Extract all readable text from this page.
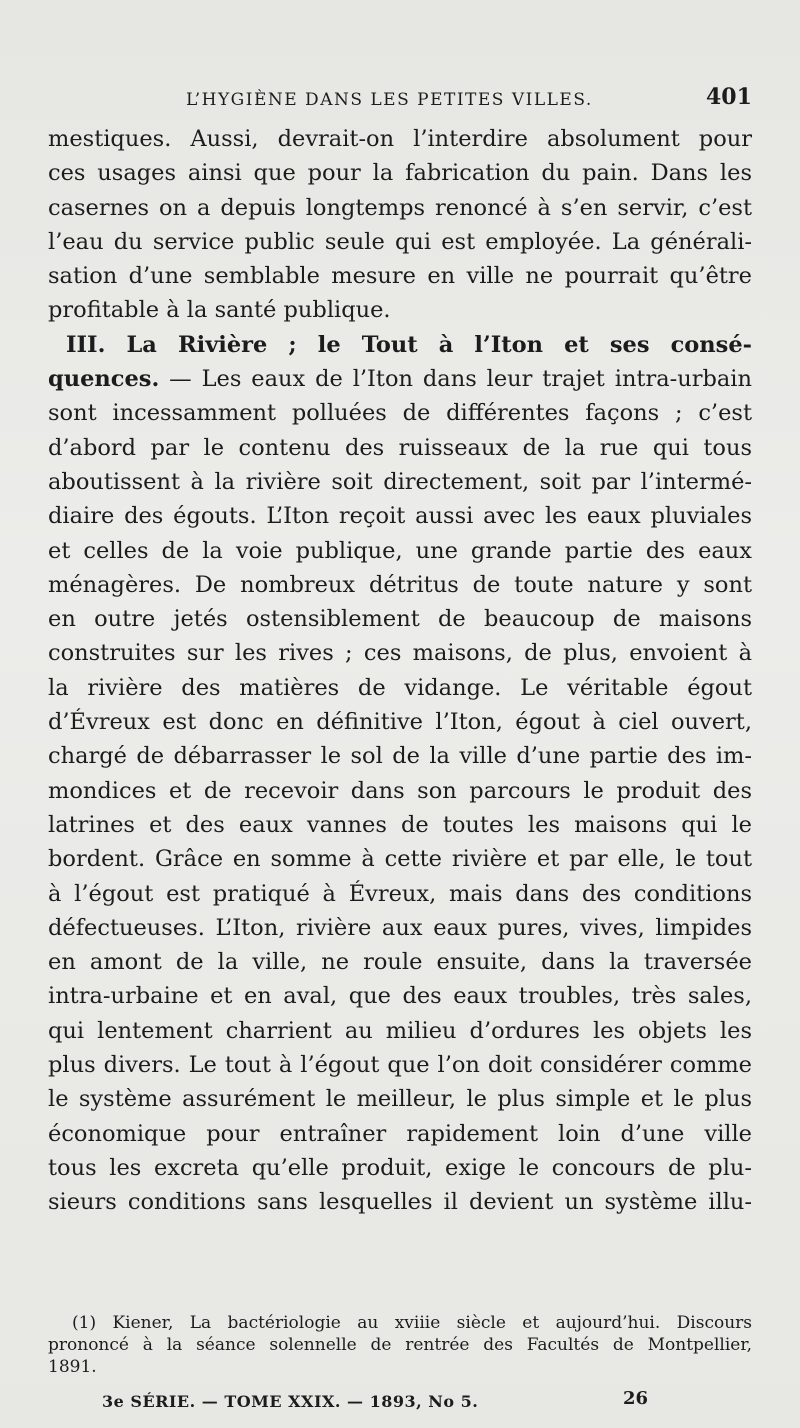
L’HYGIÈNE DANS LES PETITES VILLES.	401
mestiques. Aussi, devrait-on l’interdire absolument pour
ces usages ainsi que pour la fabrication du pain. Dans les
casernes on a depuis longtemps renoncé à s’en servir, c’est
l’eau du service public seule qui est employée. La générali-
sation d’une semblable mesure en ville ne pourrait qu’être
profitable à la santé publique.
III. La Rivière ; le Tout à l’Iton et ses consé-
quences. — Les eaux de l’Iton dans leur trajet intra-urbain
sont incessamment polluées de différentes façons ; c’est
d’abord par le contenu des ruisseaux de la rue qui tous
aboutissent à la rivière soit directement, soit par l’intermé-
diaire des égouts. L’Iton reçoit aussi avec les eaux pluviales
et celles de la voie publique, une grande partie des eaux
ménagères. De nombreux détritus de toute nature y sont
en outre jetés ostensiblement de beaucoup de maisons
construites sur les rives ; ces maisons, de plus, envoient à
la rivière des matières de vidange. Le véritable égout
d’Évreux est donc en définitive l’Iton, égout à ciel ouvert,
chargé de débarrasser le sol de la ville d’une partie des im-
mondices et de recevoir dans son parcours le produit des
latrines et des eaux vannes de toutes les maisons qui le
bordent. Grâce en somme à cette rivière et par elle, le tout
à l’égout est pratiqué à Évreux, mais dans des conditions
défectueuses. L’Iton, rivière aux eaux pures, vives, limpides
en amont de la ville, ne roule ensuite, dans la traversée
intra-urbaine et en aval, que des eaux troubles, très sales,
qui lentement charrient au milieu d’ordures les objets les
plus divers. Le tout à l’égout que l’on doit considérer comme
le système assurément le meilleur, le plus simple et le plus
économique pour entraîner rapidement loin d’une ville
tous les excreta qu’elle produit, exige le concours de plu-
sieurs conditions sans lesquelles il devient un système illu-
(1) Kiener, La bactériologie au xviiie siècle et aujourd’hui. Discours
prononcé à la séance solennelle de rentrée des Facultés de Montpellier,
1891.
3e SÉRIE. — TOME XXIX. — 1893, No 5.	26
